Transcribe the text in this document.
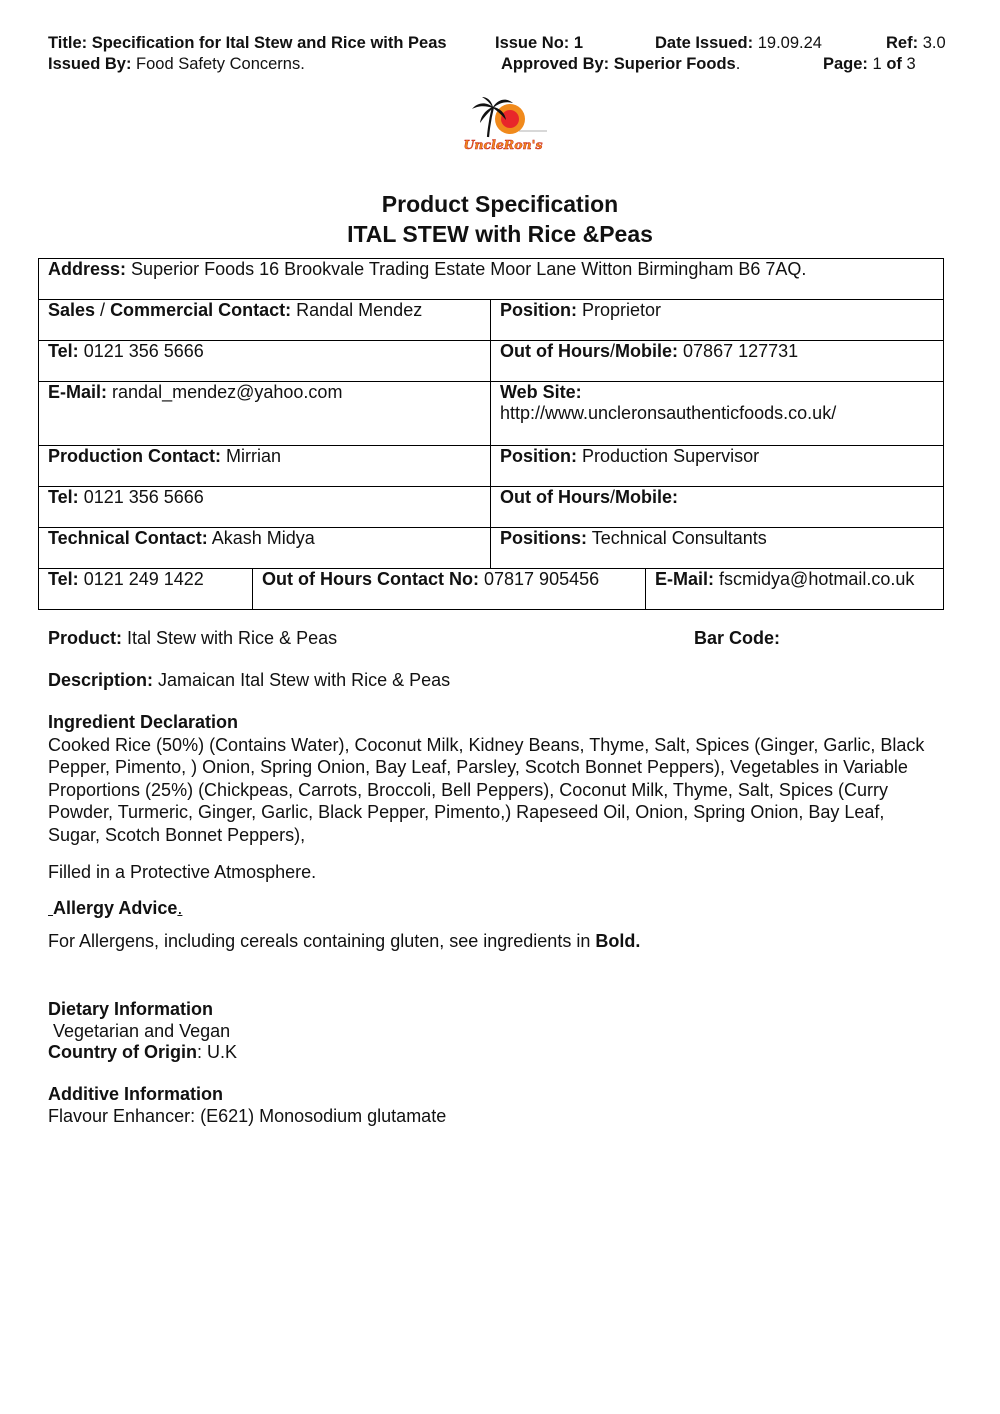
Title: Specification for Ital Stew and Rice with Peas	Issue No: 1	Date Issued: 19.09.24	Ref: 3.0
Issued By: Food Safety Concerns.	Approved By: Superior Foods.	Page: 1 of 3
UncleRon's
Product Specification
ITAL STEW with Rice &Peas
Address: Superior Foods 16 Brookvale Trading Estate Moor Lane Witton Birmingham B6 7AQ.			
Sales / Commercial Contact: Randal Mendez		Position: Proprietor	
Tel: 0121 356 5666		Out of Hours/Mobile: 07867 127731	
E-Mail: randal_mendez@yahoo.com		Web Site:
http://www.uncleronsauthenticfoods.co.uk/	
Production Contact: Mirrian		Position: Production Supervisor	
Tel: 0121 356 5666		Out of Hours/Mobile:	
Technical Contact: Akash Midya		Positions: Technical Consultants	
Tel: 0121 249 1422	Out of Hours Contact No: 07817 905456		E-Mail: fscmidya@hotmail.co.uk
Product: Ital Stew with Rice & Peas	Bar Code:
Description: Jamaican Ital Stew with Rice & Peas
Ingredient Declaration
Cooked Rice (50%) (Contains Water), Coconut Milk, Kidney Beans, Thyme, Salt, Spices (Ginger, Garlic, Black
Pepper, Pimento, ) Onion, Spring Onion, Bay Leaf, Parsley, Scotch Bonnet Peppers), Vegetables in Variable
Proportions (25%) (Chickpeas, Carrots, Broccoli, Bell Peppers), Coconut Milk, Thyme, Salt, Spices (Curry
Powder, Turmeric, Ginger, Garlic, Black Pepper, Pimento,) Rapeseed Oil, Onion, Spring Onion, Bay Leaf,
Sugar, Scotch Bonnet Peppers),
Filled in a Protective Atmosphere.
Allergy Advice.
For Allergens, including cereals containing gluten, see ingredients in Bold.
Dietary Information
Vegetarian and Vegan
Country of Origin: U.K
Additive Information
Flavour Enhancer: (E621) Monosodium glutamate
